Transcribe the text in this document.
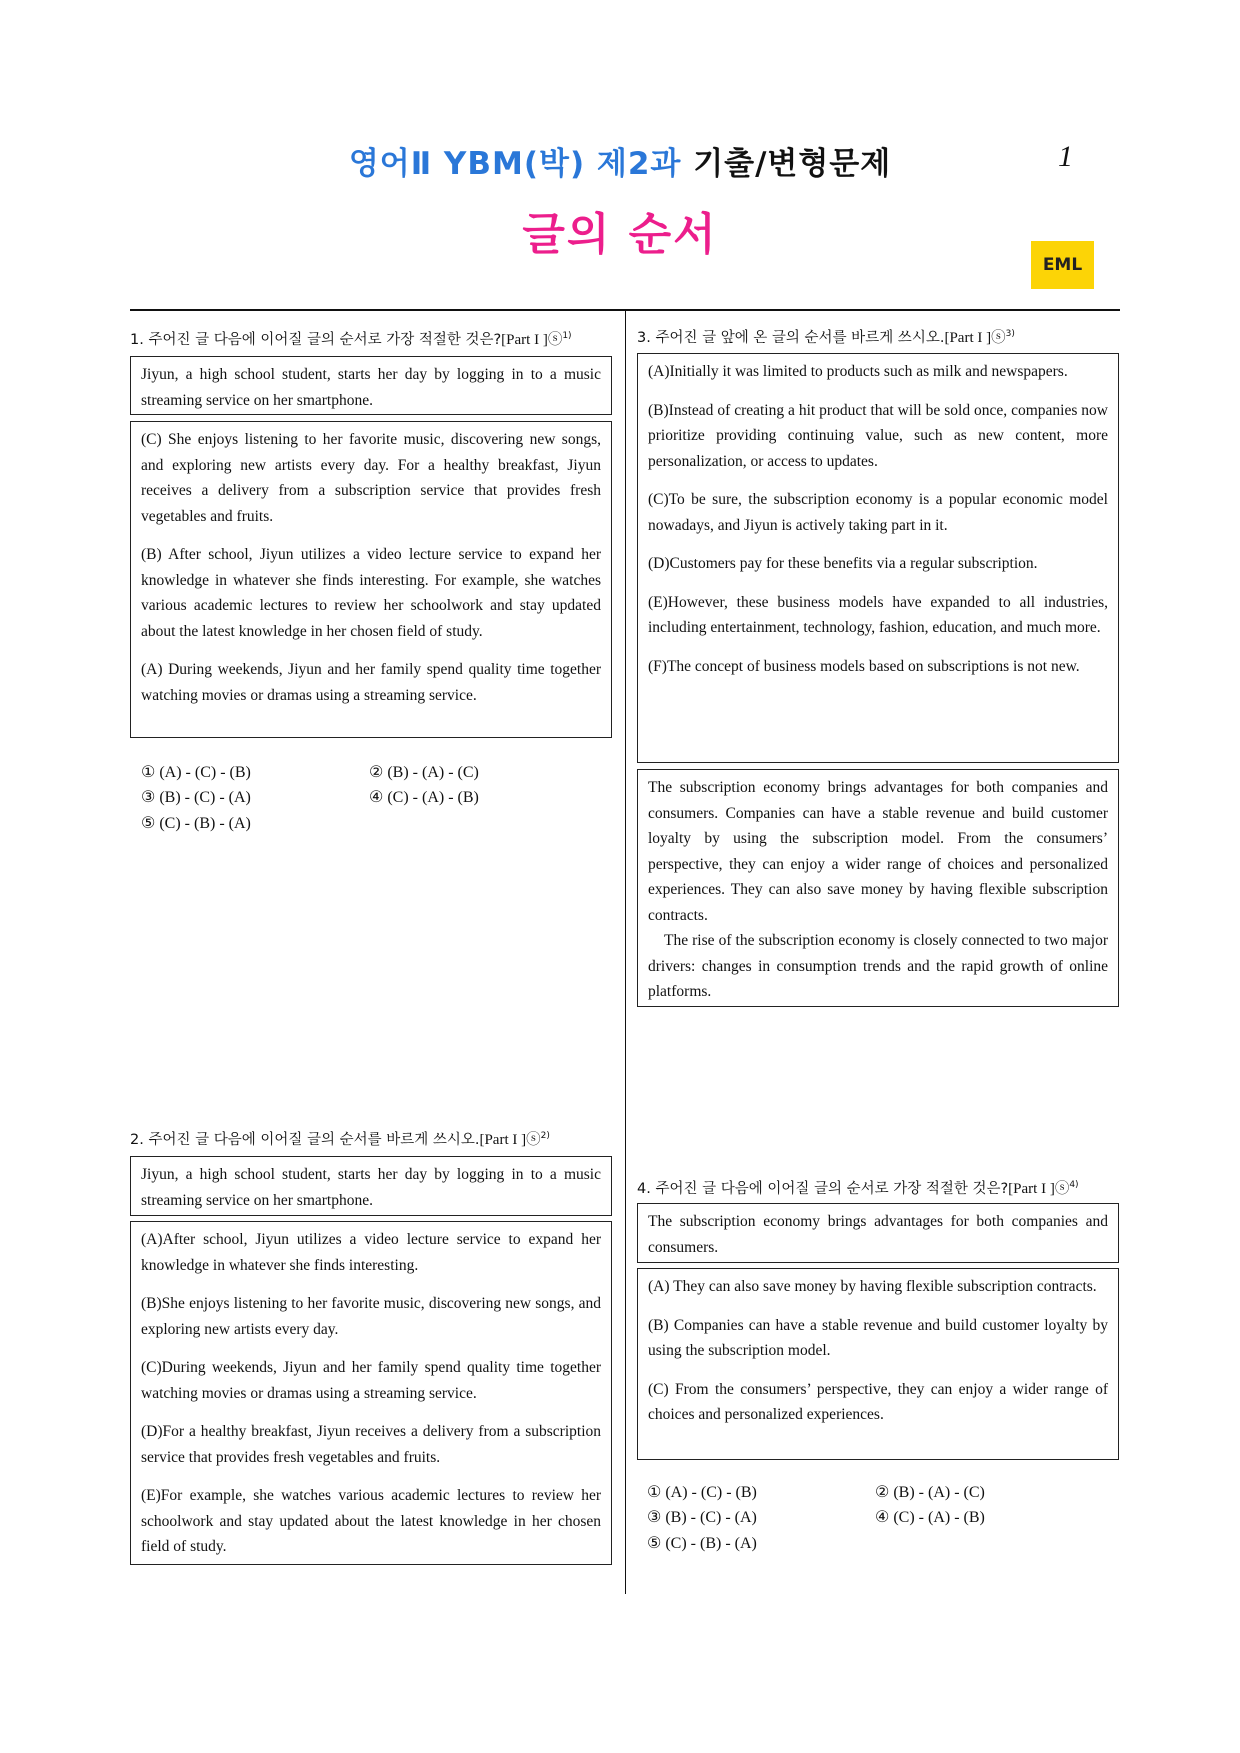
영어Ⅱ YBM(박) 제2과 기출/변형문제	1
글의 순서
EML
1. 주어진 글 다음에 이어질 글의 순서로 가장 적절한 것은?[Part I ]ⓢ$^{1)}$

Jiyun, a high school student, starts her day by logging in to a music streaming service on her smartphone.

(C) She enjoys listening to her favorite music, discovering new songs, and exploring new artists every day. For a healthy breakfast, Jiyun receives a delivery from a subscription service that provides fresh vegetables and fruits.

(B) After school, Jiyun utilizes a video lecture service to expand her knowledge in whatever she finds interesting. For example, she watches various academic lectures to review her schoolwork and stay updated about the latest knowledge in her chosen field of study.

(A) During weekends, Jiyun and her family spend quality time together watching movies or dramas using a streaming service.

① (A) - (C) - (B)	② (B) - (A) - (C)
③ (B) - (C) - (A)	④ (C) - (A) - (B)
⑤ (C) - (B) - (A)
2. 주어진 글 다음에 이어질 글의 순서를 바르게 쓰시오.[Part I ]ⓢ$^{2)}$

Jiyun, a high school student, starts her day by logging in to a music streaming service on her smartphone.

(A)After school, Jiyun utilizes a video lecture service to expand her knowledge in whatever she finds interesting.

(B)She enjoys listening to her favorite music, discovering new songs, and exploring new artists every day.

(C)During weekends, Jiyun and her family spend quality time together watching movies or dramas using a streaming service.

(D)For a healthy breakfast, Jiyun receives a delivery from a subscription service that provides fresh vegetables and fruits.

(E)For example, she watches various academic lectures to review her schoolwork and stay updated about the latest knowledge in her chosen field of study.

3. 주어진 글 앞에 온 글의 순서를 바르게 쓰시오.[Part I ]ⓢ$^{3)}$

(A)Initially it was limited to products such as milk and newspapers.

(B)Instead of creating a hit product that will be sold once, companies now prioritize providing continuing value, such as new content, more personalization, or access to updates.

(C)To be sure, the subscription economy is a popular economic model nowadays, and Jiyun is actively taking part in it.

(D)Customers pay for these benefits via a regular subscription.

(E)However, these business models have expanded to all industries, including entertainment, technology, fashion, education, and much more.

(F)The concept of business models based on subscriptions is not new.

The subscription economy brings advantages for both companies and consumers. Companies can have a stable revenue and build customer loyalty by using the subscription model. From the consumers’ perspective, they can enjoy a wider range of choices and personalized experiences. They can also save money by having flexible subscription contracts.
The rise of the subscription economy is closely connected to two major drivers: changes in consumption trends and the rapid growth of online platforms.
4. 주어진 글 다음에 이어질 글의 순서로 가장 적절한 것은?[Part I ]ⓢ$^{4)}$

The subscription economy brings advantages for both companies and consumers.

(A) They can also save money by having flexible subscription contracts.

(B) Companies can have a stable revenue and build customer loyalty by using the subscription model.

(C) From the consumers’ perspective, they can enjoy a wider range of choices and personalized experiences.

① (A) - (C) - (B)	② (B) - (A) - (C)
③ (B) - (C) - (A)	④ (C) - (A) - (B)
⑤ (C) - (B) - (A)
